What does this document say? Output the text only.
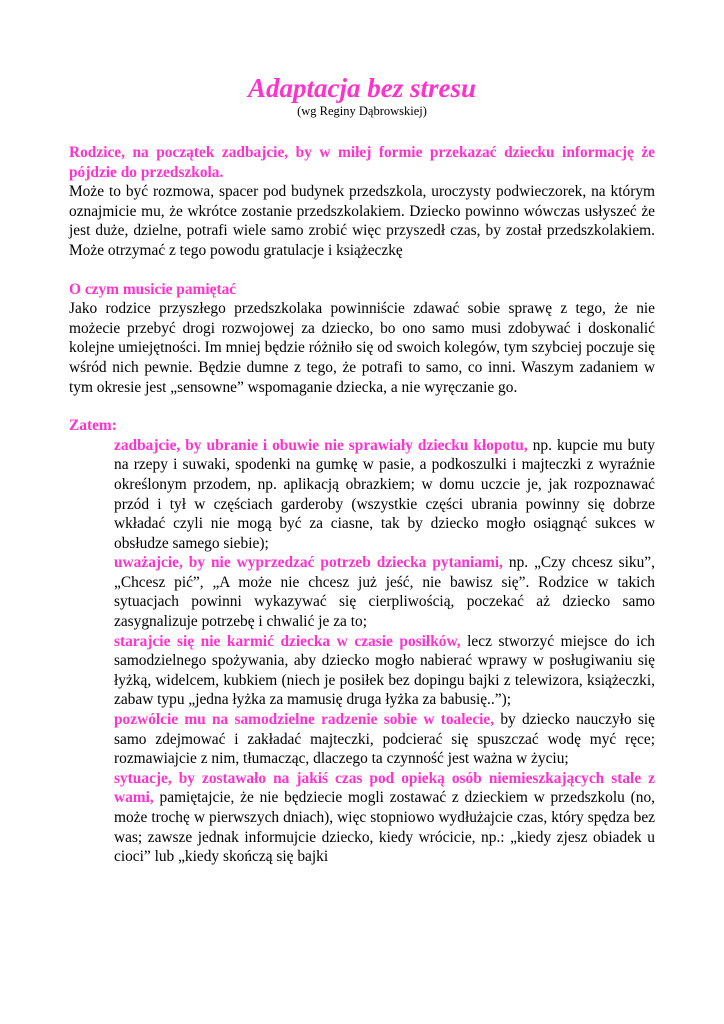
Adaptacja bez stresu

(wg Reginy Dąbrowskiej)

Rodzice, na początek zadbajcie, by w miłej formie przekazać dziecku informację że pójdzie do przedszkola.
Może to być rozmowa, spacer pod budynek przedszkola, uroczysty podwieczorek, na którym oznajmicie mu, że wkrótce zostanie przedszkolakiem. Dziecko powinno wówczas usłyszeć że jest duże, dzielne, potrafi wiele samo zrobić więc przyszedł czas, by został przedszkolakiem. Może otrzymać z tego powodu gratulacje i książeczkę

O czym musicie pamiętać
Jako rodzice przyszłego przedszkolaka powinniście zdawać sobie sprawę z tego, że nie możecie przebyć drogi rozwojowej za dziecko, bo ono samo musi zdobywać i doskonalić kolejne umiejętności. Im mniej będzie różniło się od swoich kolegów, tym szybciej poczuje się wśród nich pewnie. Będzie dumne z tego, że potrafi to samo, co inni. Waszym zadaniem w tym okresie jest „sensowne” wspomaganie dziecka, a nie wyręczanie go.

Zatem:

zadbajcie, by ubranie i obuwie nie sprawiały dziecku kłopotu, np. kupcie mu buty na rzepy i suwaki, spodenki na gumkę w pasie, a podkoszulki i majteczki z wyraźnie określonym przodem, np. aplikacją obrazkiem; w domu uczcie je, jak rozpoznawać przód i tył w częściach garderoby (wszystkie części ubrania powinny się dobrze wkładać czyli nie mogą być za ciasne, tak by dziecko mogło osiągnąć sukces w obsłudze samego siebie);
uważajcie, by nie wyprzedzać potrzeb dziecka pytaniami, np. „Czy chcesz siku”, „Chcesz pić”, „A może nie chcesz już jeść, nie bawisz się”. Rodzice w takich sytuacjach powinni wykazywać się cierpliwością, poczekać aż dziecko samo zasygnalizuje potrzebę i chwalić je za to;
starajcie się nie karmić dziecka w czasie posiłków, lecz stworzyć miejsce do ich samodzielnego spożywania, aby dziecko mogło nabierać wprawy w posługiwaniu się łyżką, widelcem, kubkiem (niech je posiłek bez dopingu bajki z telewizora, książeczki, zabaw typu „jedna łyżka za mamusię druga łyżka za babusię..”);
pozwólcie mu na samodzielne radzenie sobie w toalecie, by dziecko nauczyło się samo zdejmować i zakładać majteczki, podcierać się spuszczać wodę myć ręce; rozmawiajcie z nim, tłumacząc, dlaczego ta czynność jest ważna w życiu;
sytuacje, by zostawało na jakiś czas pod opieką osób niemieszkających stale z wami, pamiętajcie, że nie będziecie mogli zostawać z dzieckiem w przedszkolu (no, może trochę w pierwszych dniach), więc stopniowo wydłużajcie czas, który spędza bez was; zawsze jednak informujcie dziecko, kiedy wrócicie, np.: „kiedy zjesz obiadek u cioci” lub „kiedy skończą się bajki
